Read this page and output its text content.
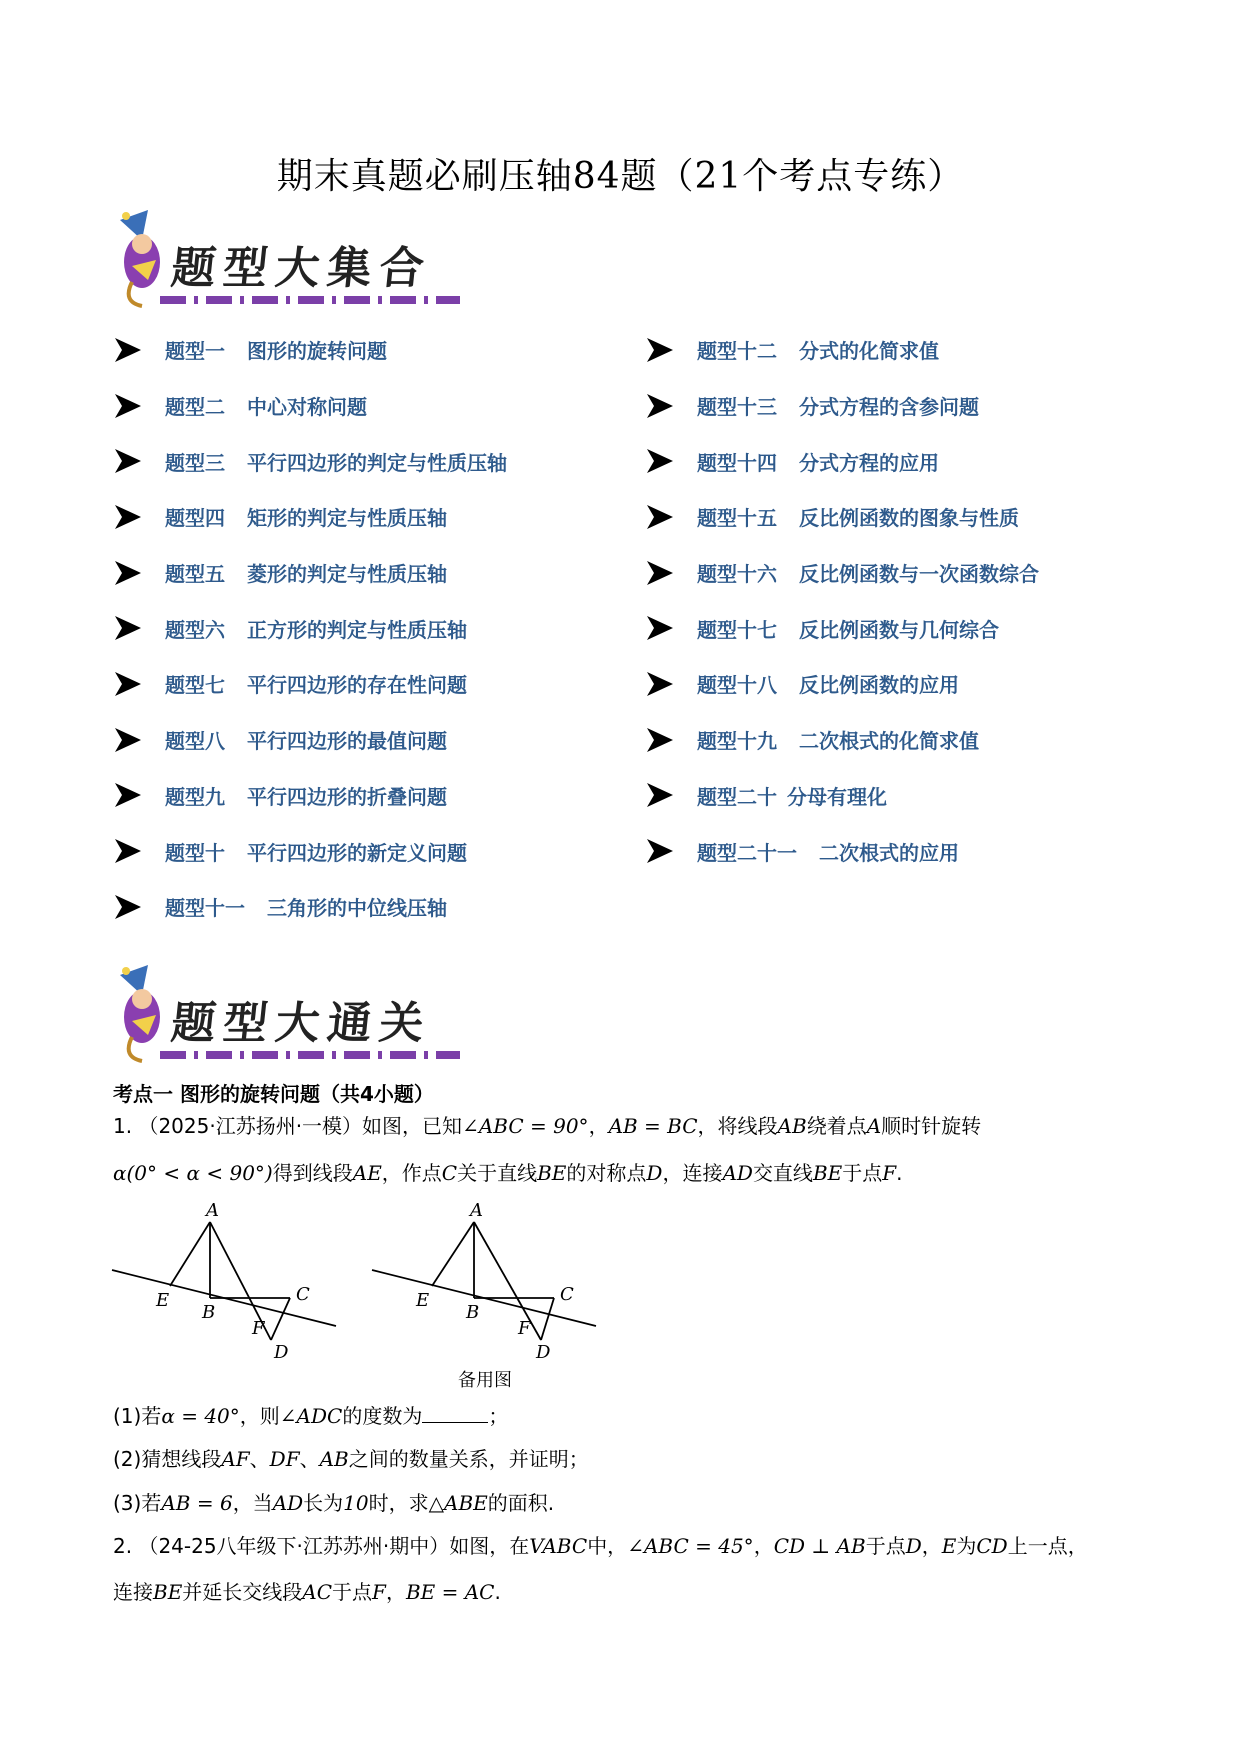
期末真题必刷压轴84题（21个考点专练）
题型大集合
题型一 图形的旋转问题
题型二 中心对称问题
题型三 平行四边形的判定与性质压轴
题型四 矩形的判定与性质压轴
题型五 菱形的判定与性质压轴
题型六 正方形的判定与性质压轴
题型七 平行四边形的存在性问题
题型八 平行四边形的最值问题
题型九 平行四边形的折叠问题
题型十 平行四边形的新定义问题
题型十一 三角形的中位线压轴
题型十二 分式的化简求值
题型十三 分式方程的含参问题
题型十四 分式方程的应用
题型十五 反比例函数的图象与性质
题型十六 反比例函数与一次函数综合
题型十七 反比例函数与几何综合
题型十八 反比例函数的应用
题型十九 二次根式的化简求值
题型二十 分母有理化
题型二十一 二次根式的应用
题型大通关
考点一 图形的旋转问题（共4小题）
1. （2025·江苏扬州·一模）如图，已知∠ABC = 90°，AB = BC，将线段AB绕着点A顺时针旋转
α(0° < α < 90°)得到线段AE，作点C关于直线BE的对称点D，连接AD交直线BE于点F.
A
E
B
C
F
D
A
E
B
C
F
D
备用图
(1)若α = 40°，则∠ADC的度数为	；
(2)猜想线段AF、DF、AB之间的数量关系，并证明；
(3)若AB = 6，当AD长为10时，求△ABE的面积.
2. （24-25八年级下·江苏苏州·期中）如图，在VABC中，∠ABC = 45°，CD ⊥ AB于点D，E为CD上一点，
连接BE并延长交线段AC于点F，BE = AC.
